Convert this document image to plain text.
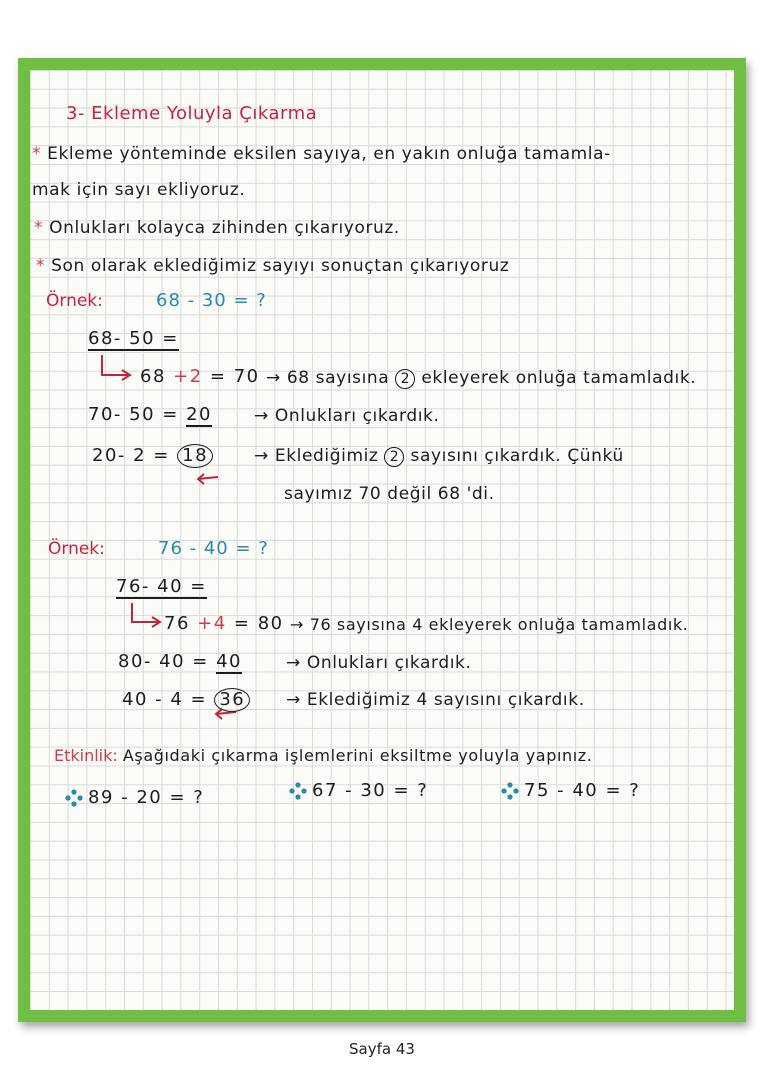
3- Ekleme Yoluyla Çıkarma
* Ekleme yönteminde eksilen sayıya, en yakın onluğa tamamla-
mak için sayı ekliyoruz.
* Onlukları kolayca zihinden çıkarıyoruz.
* Son olarak eklediğimiz sayıyı sonuçtan çıkarıyoruz
Örnek:	68 - 30 = ?
68- 50 =
68 +2 = 70 → 68 sayısına 2 ekleyerek onluğa tamamladık.
70- 50 = 20 → Onlukları çıkardık.
20- 2 = 18	→ Eklediğimiz 2 sayısını çıkardık. Çünkü
sayımız 70 değil 68 'di.
Örnek:	76 - 40 = ?
76- 40 =
76 +4 = 80 → 76 sayısına 4 ekleyerek onluğa tamamladık.
80- 40 = 40	→ Onlukları çıkardık.
40 - 4 = 36 → Eklediğimiz 4 sayısını çıkardık.
Etkinlik: Aşağıdaki çıkarma işlemlerini eksiltme yoluyla yapınız.
89 - 20 = ?	67 - 30 = ?	75 - 40 = ?
Sayfa 43
